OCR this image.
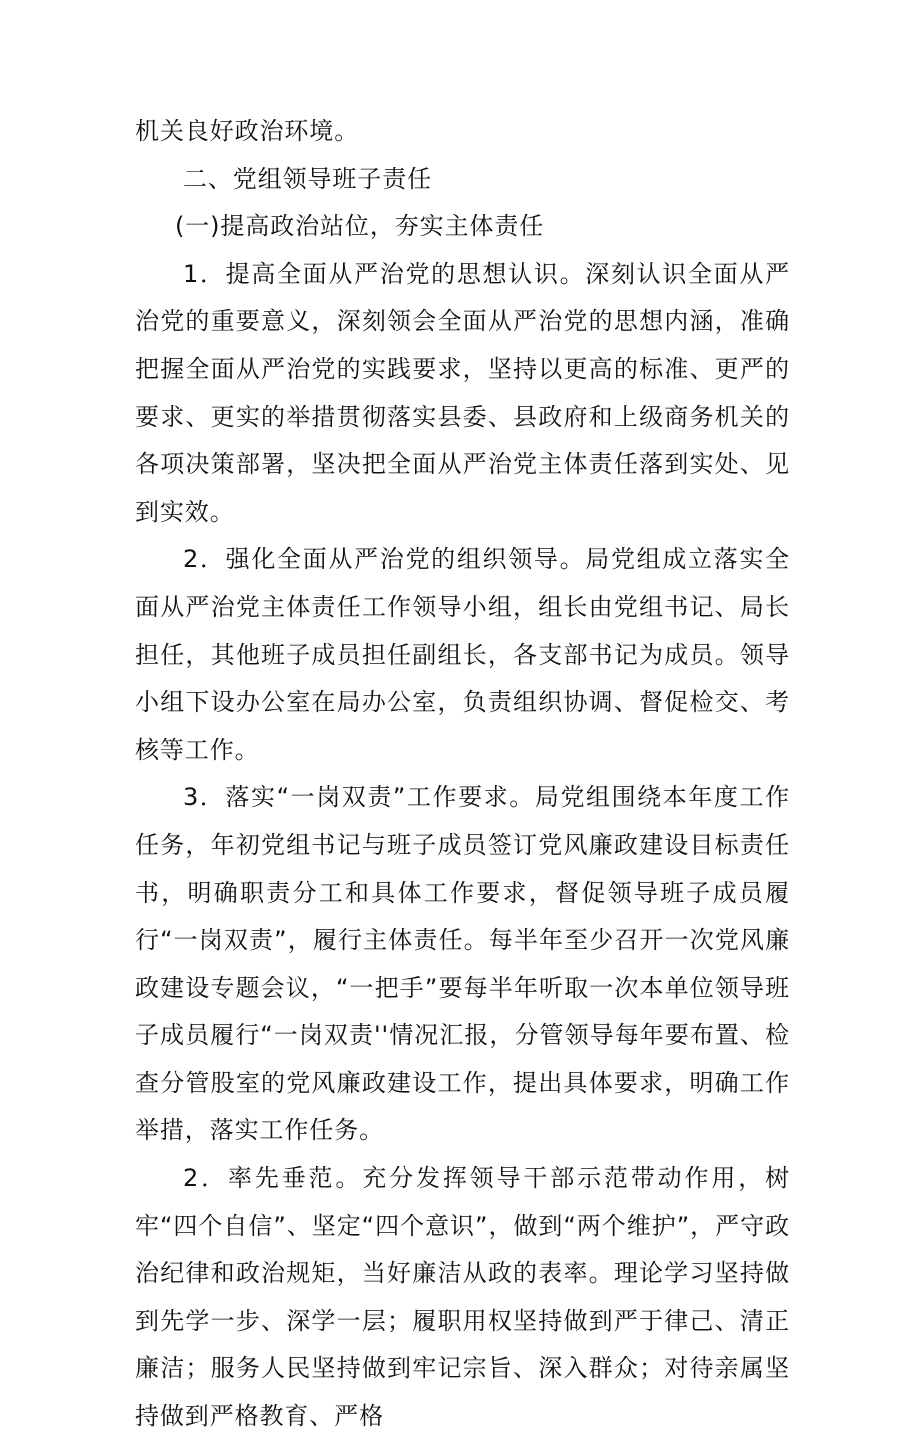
机关良好政治环境。

二、党组领导班子责任

(一)提高政治站位，夯实主体责任

1．提高全面从严治党的思想认识。深刻认识全面从严治党的重要意义，深刻领会全面从严治党的思想内涵，准确把握全面从严治党的实践要求，坚持以更高的标准、更严的要求、更实的举措贯彻落实县委、县政府和上级商务机关的各项决策部署，坚决把全面从严治党主体责任落到实处、见到实效。

2．强化全面从严治党的组织领导。局党组成立落实全面从严治党主体责任工作领导小组，组长由党组书记、局长担任，其他班子成员担任副组长，各支部书记为成员。领导小组下设办公室在局办公室，负责组织协调、督促检交、考核等工作。

3．落实“一岗双责”工作要求。局党组围绕本年度工作任务，年初党组书记与班子成员签订党风廉政建设目标责任书，明确职责分工和具体工作要求，督促领导班子成员履行“一岗双责”，履行主体责任。每半年至少召开一次党风廉政建设专题会议，“一把手”要每半年听取一次本单位领导班子成员履行“一岗双责''情况汇报，分管领导每年要布置、检查分管股室的党风廉政建设工作，提出具体要求，明确工作举措，落实工作任务。

2．率先垂范。充分发挥领导干部示范带动作用，树牢“四个自信”、坚定“四个意识”，做到“两个维护”，严守政治纪律和政治规矩，当好廉洁从政的表率。理论学习坚持做到先学一步、深学一层；履职用权坚持做到严于律己、清正廉洁；服务人民坚持做到牢记宗旨、深入群众；对待亲属坚持做到严格教育、严格
